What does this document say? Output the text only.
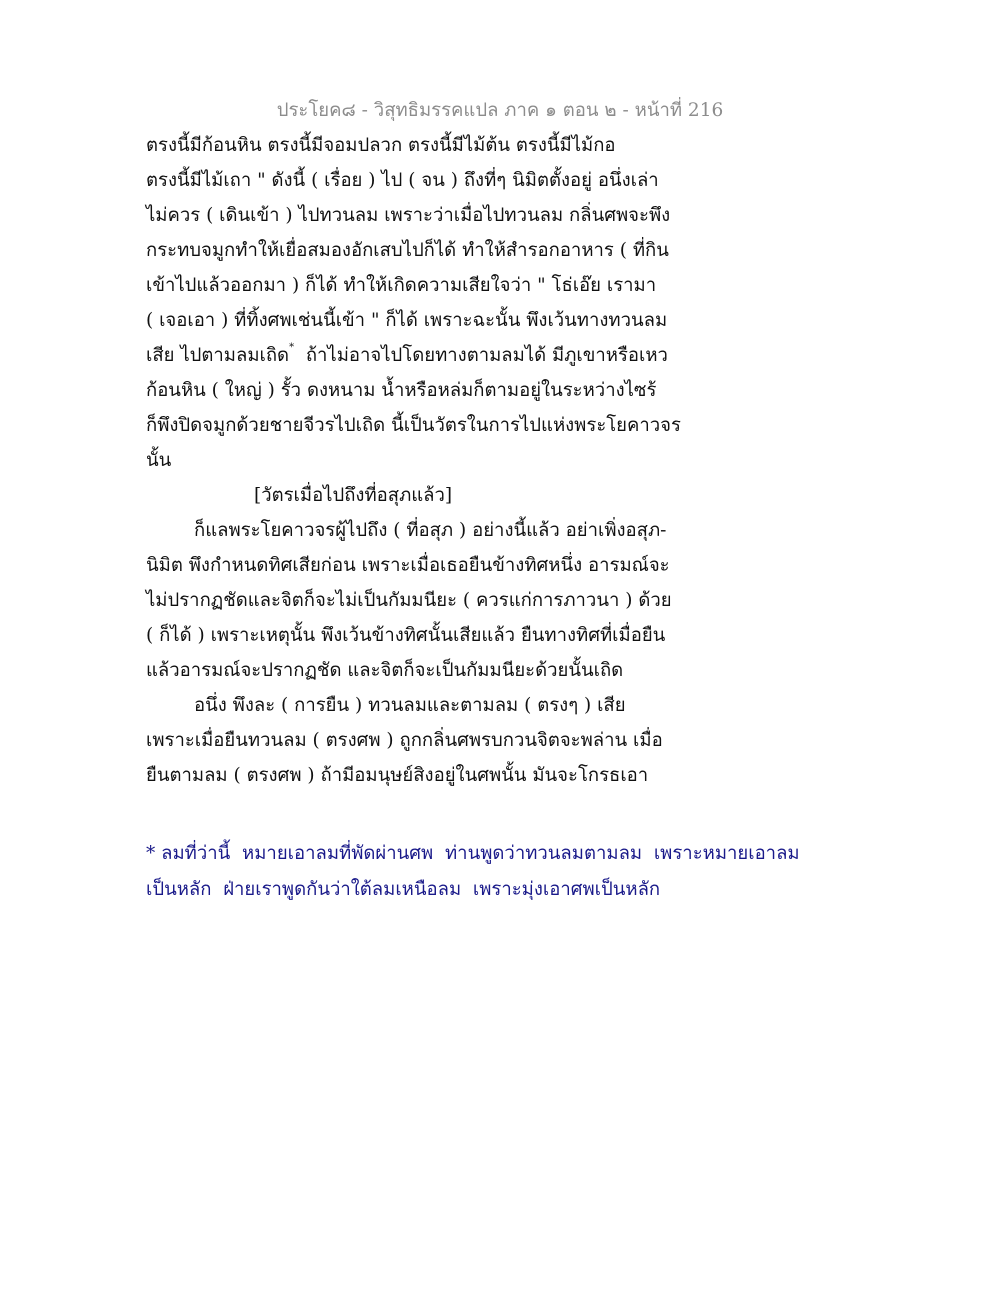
ประโยค๘ - วิสุทธิมรรคแปล ภาค ๑ ตอน ๒ - หน้าที่ 216
ตรงนี้มีก้อนหิน ตรงนี้มีจอมปลวก ตรงนี้มีไม้ต้น ตรงนี้มีไม้กอ
ตรงนี้มีไม้เถา " ดังนี้ ( เรื่อย ) ไป ( จน ) ถึงที่ๆ นิมิตตั้งอยู่ อนึ่งเล่า
ไม่ควร ( เดินเข้า ) ไปทวนลม เพราะว่าเมื่อไปทวนลม กลิ่นศพจะพึง
กระทบจมูกทำให้เยื่อสมองอักเสบไปก็ได้ ทำให้สำรอกอาหาร ( ที่กิน
เข้าไปแล้วออกมา ) ก็ได้ ทำให้เกิดความเสียใจว่า " โธ่เอ๊ย เรามา
( เจอเอา ) ที่ทิ้งศพเช่นนี้เข้า " ก็ได้ เพราะฉะนั้น พึงเว้นทางทวนลม
เสีย ไปตามลมเถิด*  ถ้าไม่อาจไปโดยทางตามลมได้ มีภูเขาหรือเหว
ก้อนหิน ( ใหญ่ ) รั้ว ดงหนาม น้ำหรือหล่มก็ตามอยู่ในระหว่างไซร้
ก็พึงปิดจมูกด้วยชายจีวรไปเถิด นี้เป็นวัตรในการไปแห่งพระโยคาวจร
นั้น
[วัตรเมื่อไปถึงที่อสุภแล้ว]
ก็แลพระโยคาวจรผู้ไปถึง ( ที่อสุภ ) อย่างนี้แล้ว อย่าเพิ่งอสุภ-
นิมิต พึงกำหนดทิศเสียก่อน เพราะเมื่อเธอยืนข้างทิศหนึ่ง อารมณ์จะ
ไม่ปรากฏชัดและจิตก็จะไม่เป็นกัมมนียะ ( ควรแก่การภาวนา ) ด้วย
( ก็ได้ ) เพราะเหตุนั้น พึงเว้นข้างทิศนั้นเสียแล้ว ยืนทางทิศที่เมื่อยืน
แล้วอารมณ์จะปรากฏชัด และจิตก็จะเป็นกัมมนียะด้วยนั้นเถิด
อนึ่ง พึงละ ( การยืน ) ทวนลมและตามลม ( ตรงๆ ) เสีย
เพราะเมื่อยืนทวนลม ( ตรงศพ ) ถูกกลิ่นศพรบกวนจิตจะพล่าน เมื่อ
ยืนตามลม ( ตรงศพ ) ถ้ามีอมนุษย์สิงอยู่ในศพนั้น มันจะโกรธเอา
* ลมที่ว่านี้  หมายเอาลมที่พัดผ่านศพ  ท่านพูดว่าทวนลมตามลม  เพราะหมายเอาลม
เป็นหลัก  ฝ่ายเราพูดกันว่าใต้ลมเหนือลม  เพราะมุ่งเอาศพเป็นหลัก
